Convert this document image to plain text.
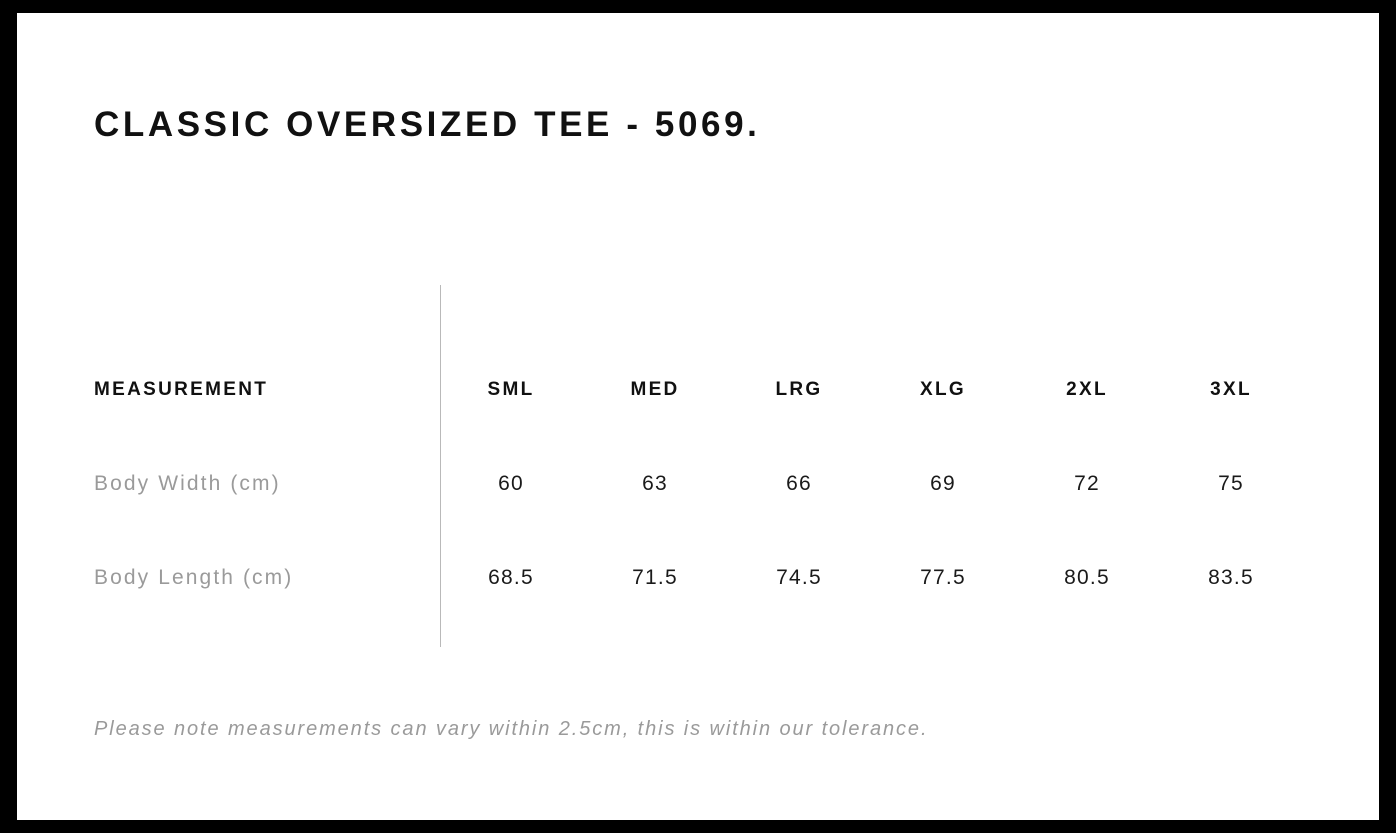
CLASSIC OVERSIZED TEE - 5069.
MEASUREMENT	SML	MED	LRG	XLG	2XL	3XL
Body Width (cm)	60	63	66	69	72	75
Body Length (cm)	68.5	71.5	74.5	77.5	80.5	83.5
Please note measurements can vary within 2.5cm, this is within our tolerance.
